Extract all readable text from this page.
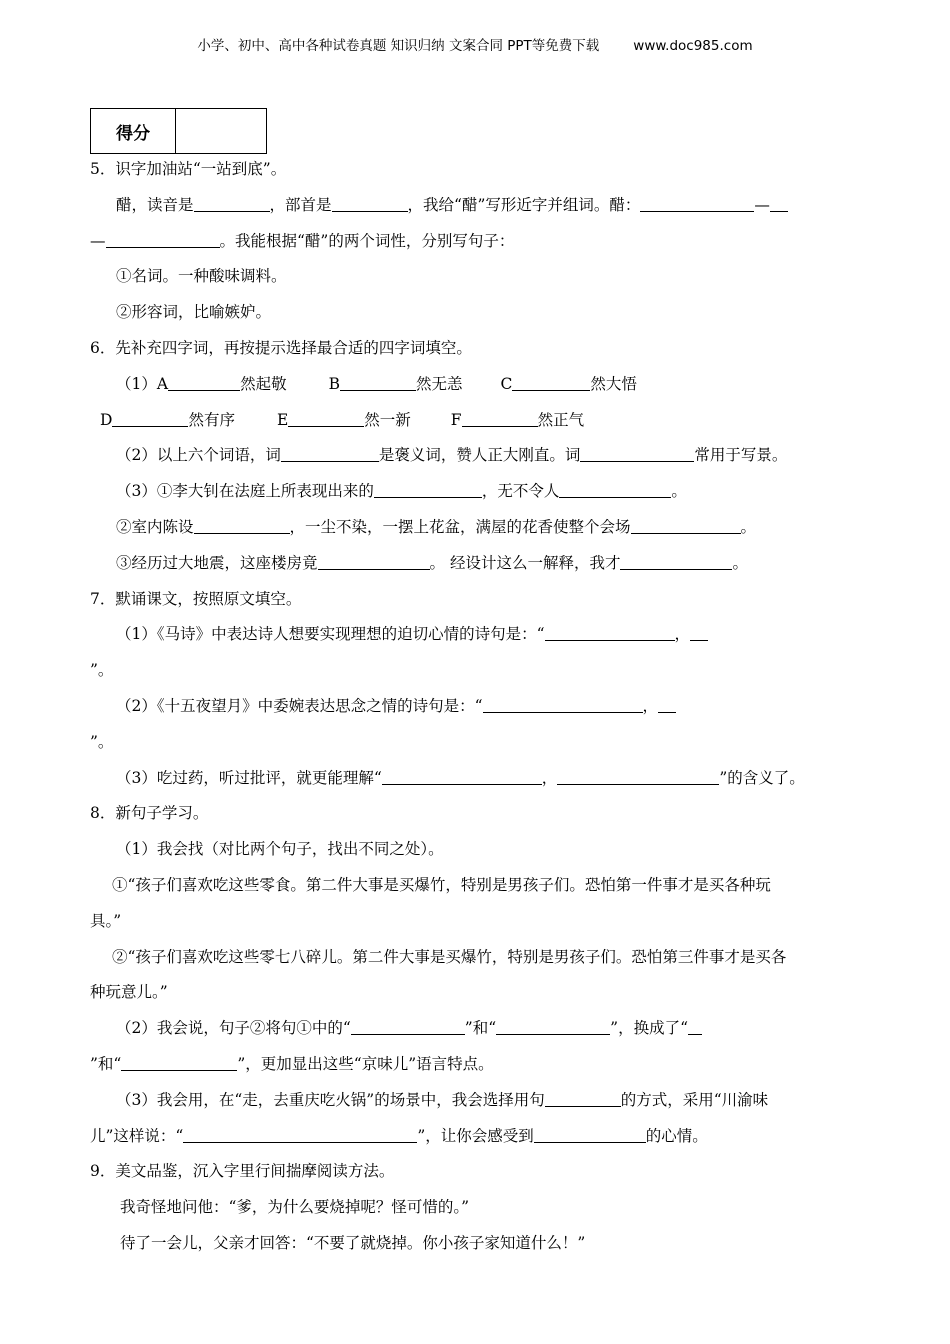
小学、初中、高中各种试卷真题 知识归纳 文案合同 PPT等免费下载	www.doc985.com
得分	
5．识字加油站“一站到底”。
醋，读音是	，部首是	，我给“醋”写形近字并组词。醋：	—
—	。我能根据“醋”的两个词性，分别写句子：
①名词。一种酸味调料。
②形容词，比喻嫉妒。
6．先补充四字词，再按提示选择最合适的四字词填空。
（1）A	然起敬	B	然无恙 C	然大悟
D	然有序	E	然一新	F	然正气
（2）以上六个词语，词	是褒义词，赞人正大刚直。词	常用于写景。
（3）①李大钊在法庭上所表现出来的	，无不令人	。
②室内陈设	，一尘不染，一摆上花盆，满屋的花香使整个会场	。
③经历过大地震，这座楼房竟	。 经设计这么一解释，我才	。
7．默诵课文，按照原文填空。
（1）《马诗》中表达诗人想要实现理想的迫切心情的诗句是：“	，
”。
（2）《十五夜望月》中委婉表达思念之情的诗句是：“	，
”。
（3）吃过药，听过批评，就更能理解“	，	”的含义了。
8．新句子学习。
（1）我会找（对比两个句子，找出不同之处）。
①“孩子们喜欢吃这些零食。第二件大事是买爆竹，特别是男孩子们。恐怕第一件事才是买各种玩
具。”
②“孩子们喜欢吃这些零七八碎儿。第二件大事是买爆竹，特别是男孩子们。恐怕第三件事才是买各
种玩意儿。”
（2）我会说，句子②将句①中的“	”和“	”，换成了“
”和“	”，更加显出这些“京味儿”语言特点。
（3）我会用，在“走，去重庆吃火锅”的场景中，我会选择用句	的方式，采用“川渝味
儿”这样说：“	”，让你会感受到	的心情。
9．美文品鉴，沉入字里行间揣摩阅读方法。
我奇怪地问他：“爹，为什么要烧掉呢？怪可惜的。”
待了一会儿，父亲才回答：“不要了就烧掉。你小孩子家知道什么！”
